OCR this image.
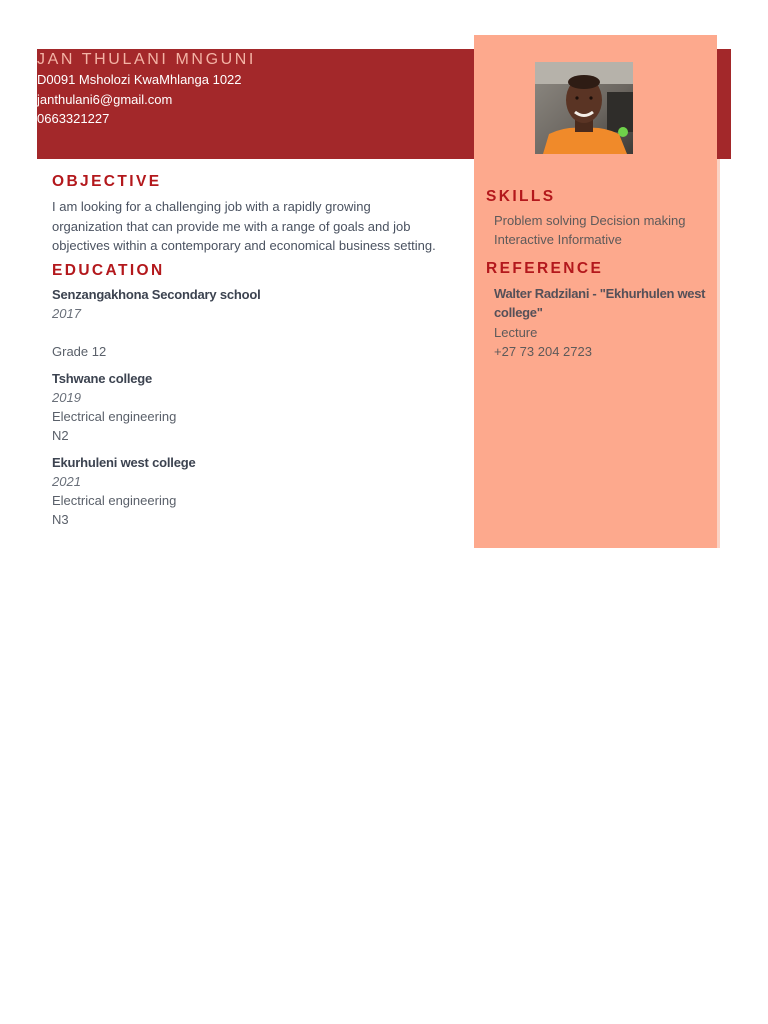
JAN THULANI MNGUNI
D0091 Msholozi KwaMhlanga 1022
janthulani6@gmail.com
0663321227
OBJECTIVE
I am looking for a challenging job with a rapidly growing
organization that can provide me with a range of goals and job
objectives within a contemporary and economical business setting.
EDUCATION
Senzangakhona Secondary school
2017
Grade 12
Tshwane college
2019
Electrical engineering
N2
Ekurhuleni west college
2021
Electrical engineering
N3
SKILLS
Problem solving Decision making
Interactive Informative
REFERENCE
Walter Radzilani - "Ekhurhulen west
college"
Lecture
+27 73 204 2723
